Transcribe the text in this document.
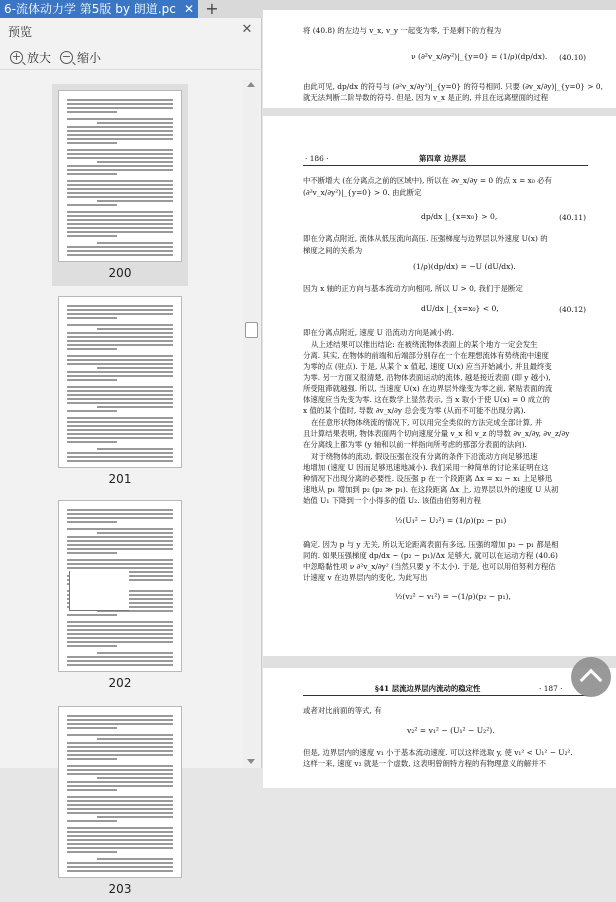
6-流体动力学 第5版 by 朗道.pc ✕ +
预览	✕
+ 放大 − 缩小
200
201
202
203
将 (40.8) 的左边与 v_x, v_y 一起变为零, 于是剩下的方程为
ν (∂²v_x/∂y²)|_{y=0} = (1/ρ)(dp/dx). (40.10)
由此可见, dp/dx 的符号与 (∂²v_x/∂y²)|_{y=0} 的符号相同. 只要 (∂v_x/∂y)|_{y=0} > 0,
就无法判断二阶导数的符号. 但是, 因为 v_x 是正的, 并且在远离壁面的过程
· 186 ·	第四章 边界层
中不断增大 (在分离点之前的区域中), 所以在 ∂v_x/∂y = 0 的点 x = x₀ 必有
(∂²v_x/∂y²)|_{y=0} > 0. 由此断定
dp/dx |_{x=x₀} > 0,	(40.11)
即在分离点附近, 流体从低压流向高压. 压强梯度与边界层以外速度 U(x) 的
梯度之间的关系为
(1/ρ)(dp/dx) = −U (dU/dx).
因为 x 轴的正方向与基本流动方向相同, 所以 U > 0, 我们于是断定
dU/dx |_{x=x₀} < 0,	(40.12)
即在分离点附近, 速度 U 沿流动方向是减小的.
从上述结果可以推出结论: 在被绕流物体表面上的某个地方一定会发生
分离. 其实, 在物体的前端和后端部分别存在一个在理想流体有势绕流中速度
为零的点 (驻点). 于是, 从某个 x 值起, 速度 U(x) 应当开始减小, 并且最终变
为零. 另一方面又很清楚, 沿物体表面运动的流体, 越是接近表面 (即 y 越小),
所受阻滞就越强. 所以, 当速度 U(x) 在边界层外缘变为零之前, 紧贴表面的流
体速度应当先变为零. 这在数学上显然表示, 当 x 取小于使 U(x) = 0 成立的
x 值的某个值时, 导数 ∂v_x/∂y 总会变为零 (从而不可能不出现分离).
在任意形状物体绕流的情况下, 可以用完全类似的方法完成全部计算, 并
且计算结果表明, 物体表面两个切向速度分量 v_x 和 v_z 的导数 ∂v_x/∂y, ∂v_z/∂y
在分离线上都为零 (y 轴和以前一样指向所考虑的那部分表面的法向).
对于绕物体的流动, 假设压强在没有分离的条件下沿流动方向足够迅速
地增加 (速度 U 因而足够迅速地减小). 我们采用一种简单的讨论来证明在这
种情况下出现分离的必要性. 设压强 p 在一个段距离 Δx = x₂ − x₁ 上足够迅
速地从 p₁ 增加到 p₂ (p₂ ≫ p₁). 在这段距离 Δx 上, 边界层以外的速度 U 从初
始值 U₁ 下降到一个小得多的值 U₂. 该值由伯努利方程
½(U₁² − U₂²) = (1/ρ)(p₂ − p₁)
确定. 因为 p 与 y 无关, 所以无论距离表面有多远, 压强的增加 p₂ − p₁ 都是相
同的. 如果压强梯度 dp/dx ~ (p₂ − p₁)/Δx 足够大, 就可以在运动方程 (40.6)
中忽略黏性项 ν ∂²v_x/∂y² (当然只要 y 不太小). 于是, 也可以用伯努利方程估
计速度 v 在边界层内的变化, 为此写出
½(v₂² − v₁²) = −(1/ρ)(p₂ − p₁),
§41 层流边界层内流动的稳定性	· 187 ·
或者对比前面的等式, 有
v₂² = v₁² − (U₁² − U₂²).
但是, 边界层内的速度 v₁ 小于基本流动速度. 可以这样选取 y, 使 v₁² < U₁² − U₂².
这样一来, 速度 v₂ 就是一个虚数, 这表明曾朗特方程的有物理意义的解并不
